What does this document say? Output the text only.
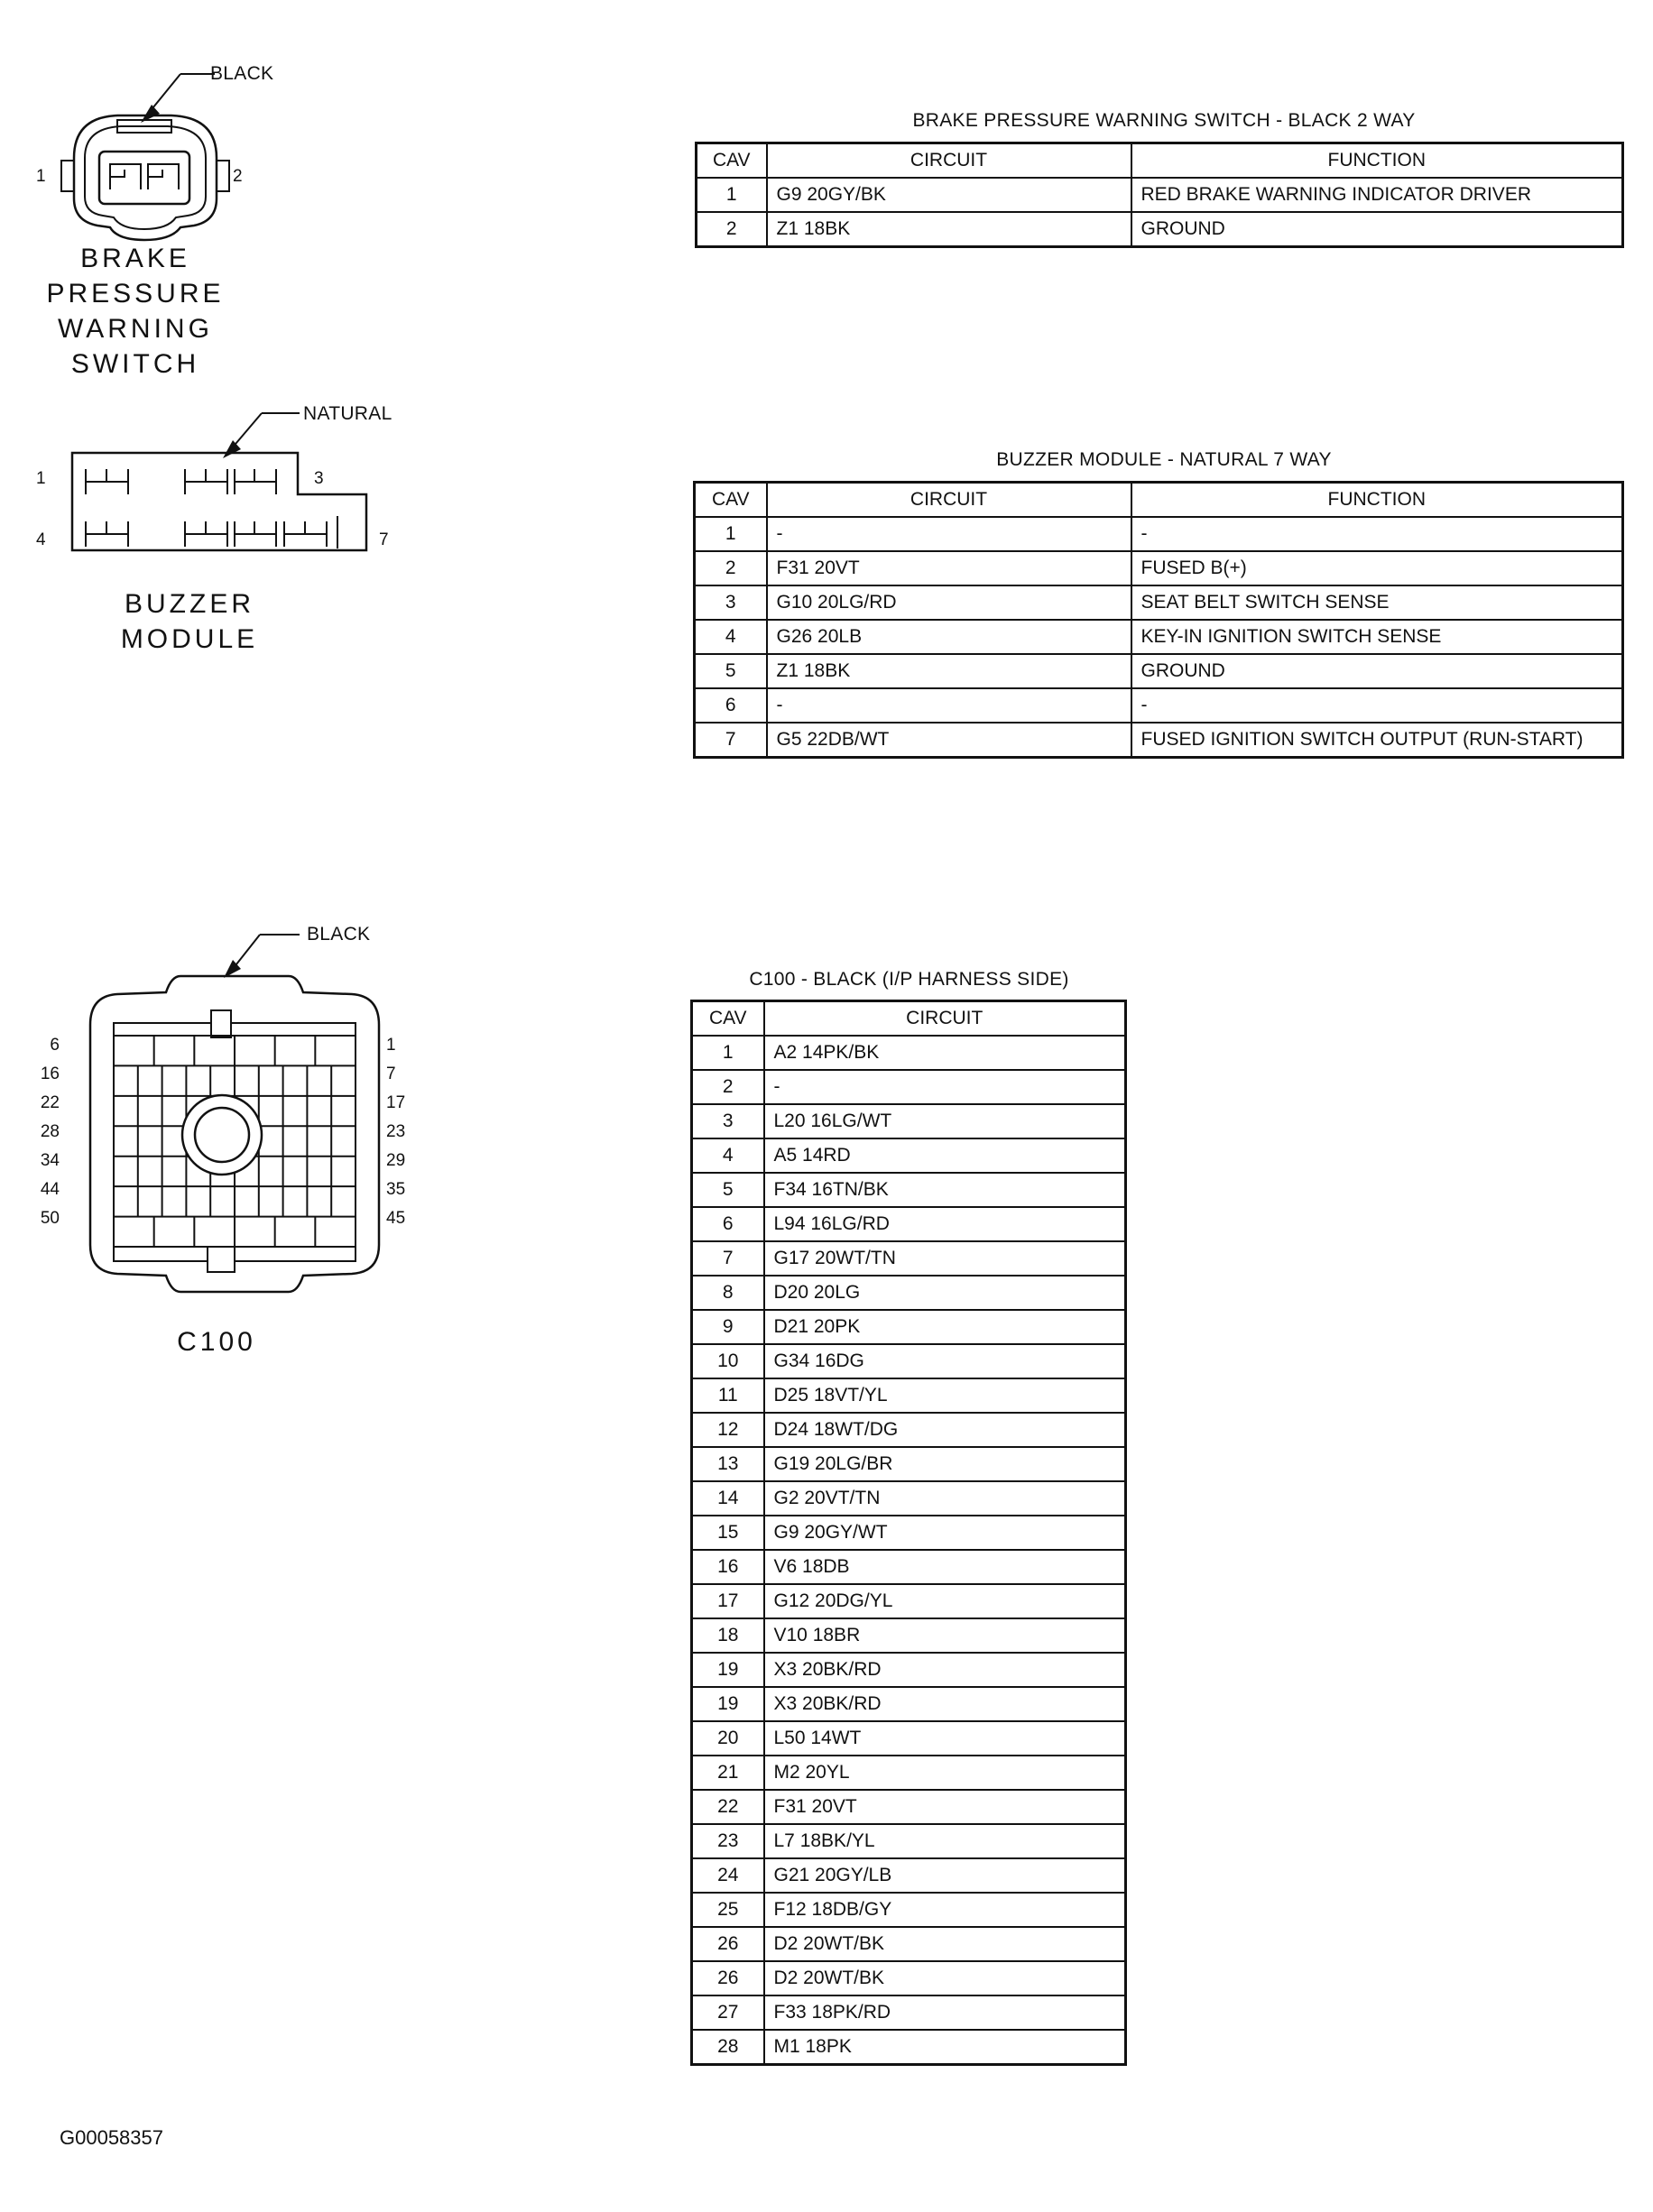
BLACK
1	2
BRAKE
PRESSURE
WARNING
SWITCH
NATURAL
1	3
4	7
BUZZER
MODULE
6
16
22
28
34
44
50
1
7
17
23
29
35
45
BLACK
C100
BRAKE PRESSURE WARNING SWITCH - BLACK 2 WAY
CAV	CIRCUIT	FUNCTION
1	G9 20GY/BK	RED BRAKE WARNING INDICATOR DRIVER
2	Z1 18BK	GROUND
BUZZER MODULE - NATURAL 7 WAY
CAV	CIRCUIT	FUNCTION
1	-	-
2	F31 20VT	FUSED B(+)
3	G10 20LG/RD	SEAT BELT SWITCH SENSE
4	G26 20LB	KEY-IN IGNITION SWITCH SENSE
5	Z1 18BK	GROUND
6	-	-
7	G5 22DB/WT	FUSED IGNITION SWITCH OUTPUT (RUN-START)
C100 - BLACK (I/P HARNESS SIDE)
CAV	CIRCUIT
1	A2 14PK/BK
2	-
3	L20 16LG/WT
4	A5 14RD
5	F34 16TN/BK
6	L94 16LG/RD
7	G17 20WT/TN
8	D20 20LG
9	D21 20PK
10	G34 16DG
11	D25 18VT/YL
12	D24 18WT/DG
13	G19 20LG/BR
14	G2 20VT/TN
15	G9 20GY/WT
16	V6 18DB
17	G12 20DG/YL
18	V10 18BR
19	X3 20BK/RD
19	X3 20BK/RD
20	L50 14WT
21	M2 20YL
22	F31 20VT
23	L7 18BK/YL
24	G21 20GY/LB
25	F12 18DB/GY
26	D2 20WT/BK
26	D2 20WT/BK
27	F33 18PK/RD
28	M1 18PK
G00058357
